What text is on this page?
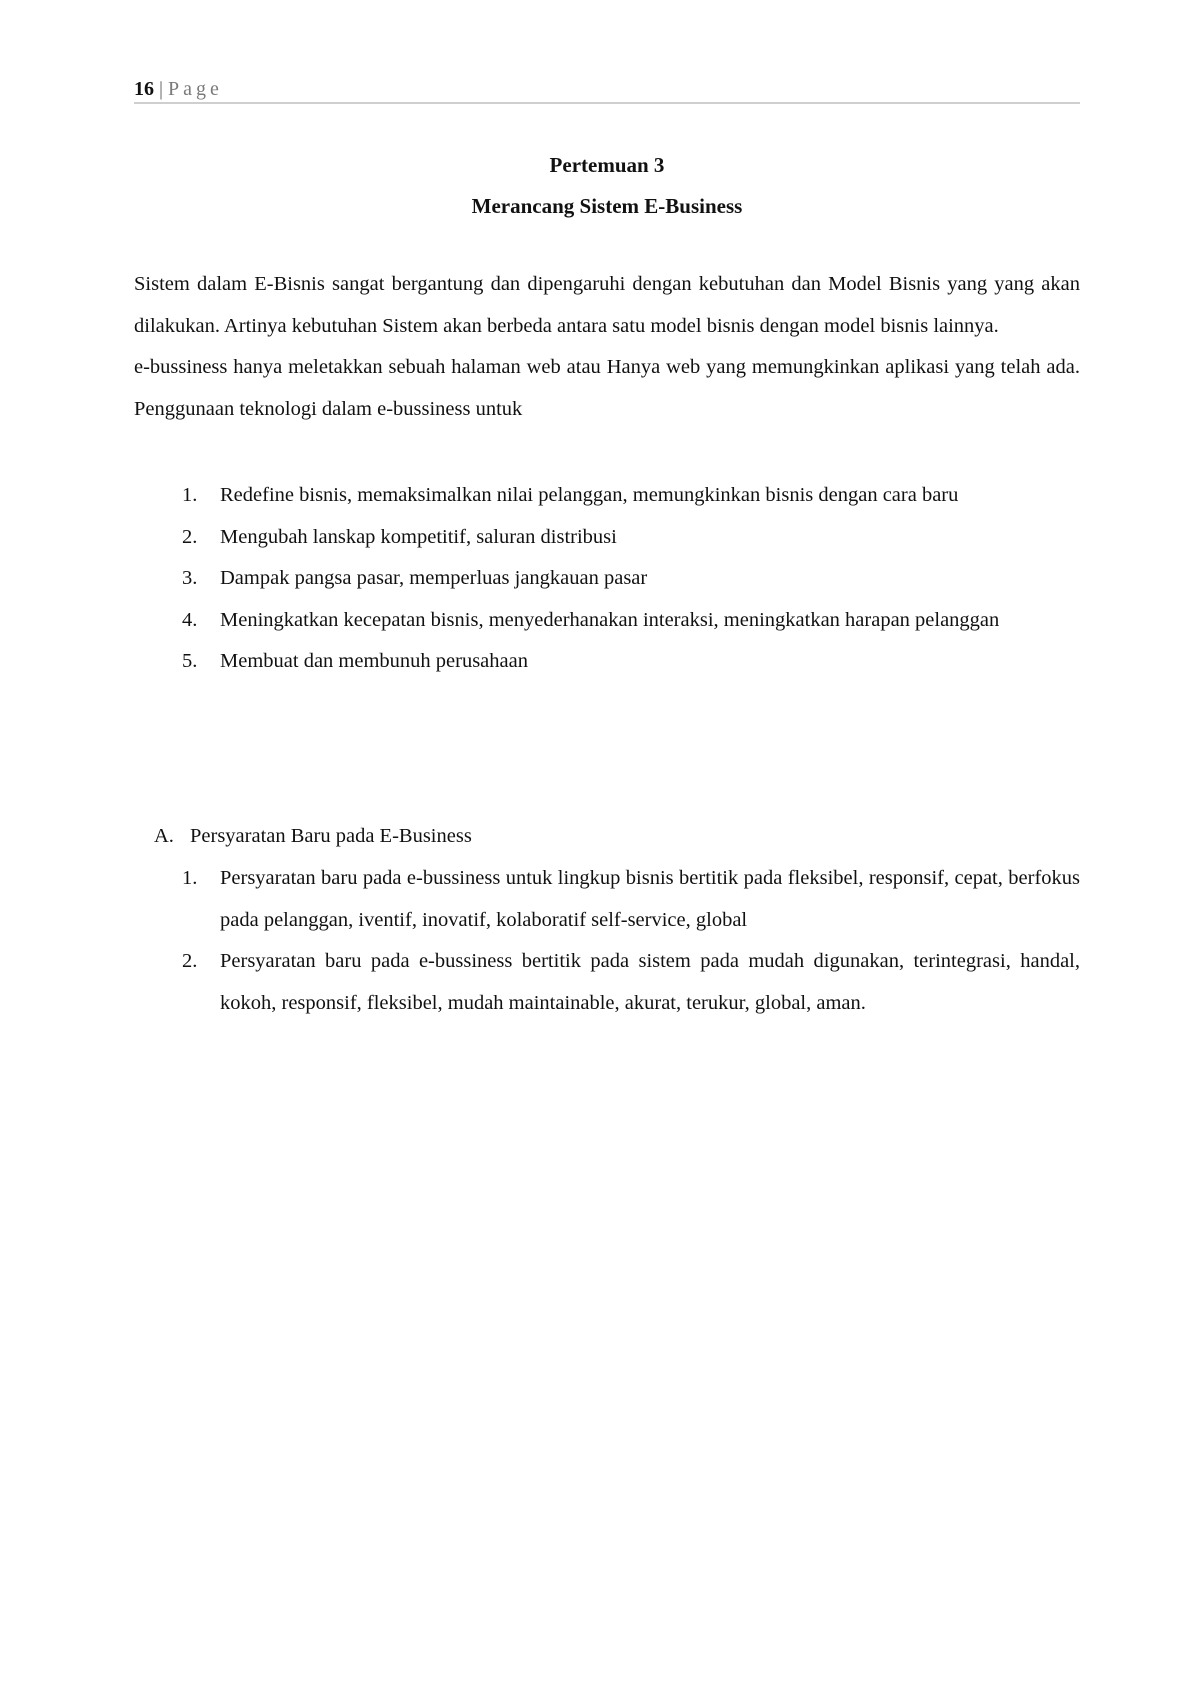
16 | Page
Pertemuan 3
Merancang Sistem E-Business

Sistem dalam E-Bisnis sangat bergantung dan dipengaruhi dengan kebutuhan dan Model Bisnis yang yang akan dilakukan. Artinya kebutuhan Sistem akan berbeda antara satu model bisnis dengan model bisnis lainnya.

e-bussiness hanya meletakkan sebuah halaman web atau Hanya web yang memungkinkan aplikasi yang telah ada. Penggunaan teknologi dalam e-bussiness untuk

1. Redefine bisnis, memaksimalkan nilai pelanggan, memungkinkan bisnis dengan cara baru
2. Mengubah lanskap kompetitif, saluran distribusi
3. Dampak pangsa pasar, memperluas jangkauan pasar
4. Meningkatkan kecepatan bisnis, menyederhanakan interaksi, meningkatkan harapan pelanggan
5. Membuat dan membunuh perusahaan
A. Persyaratan Baru pada E-Business
1. Persyaratan baru pada e-bussiness untuk lingkup bisnis bertitik pada fleksibel, responsif, cepat, berfokus pada pelanggan, iventif, inovatif, kolaboratif self-service, global
2. Persyaratan baru pada e-bussiness bertitik pada sistem pada mudah digunakan, terintegrasi, handal, kokoh, responsif, fleksibel, mudah maintainable, akurat, terukur, global, aman.
